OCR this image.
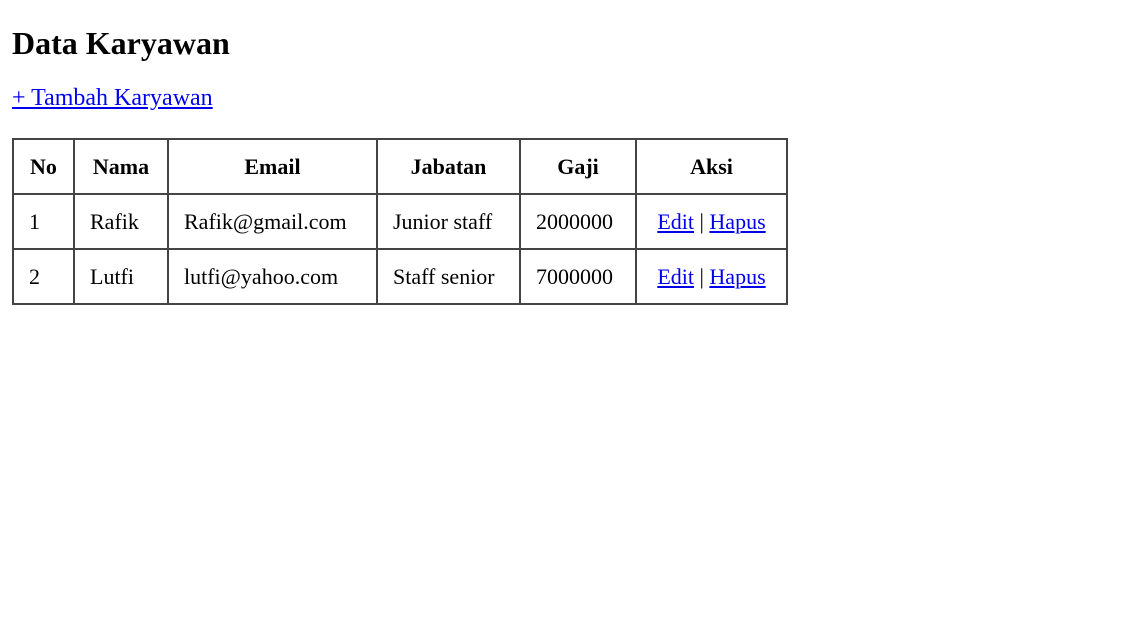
Data Karyawan
+ Tambah Karyawan
No	Nama	Email	Jabatan	Gaji	Aksi
1	Rafik	Rafik@gmail.com	Junior staff	2000000	Edit | Hapus
2	Lutfi	lutfi@yahoo.com	Staff senior	7000000	Edit | Hapus
